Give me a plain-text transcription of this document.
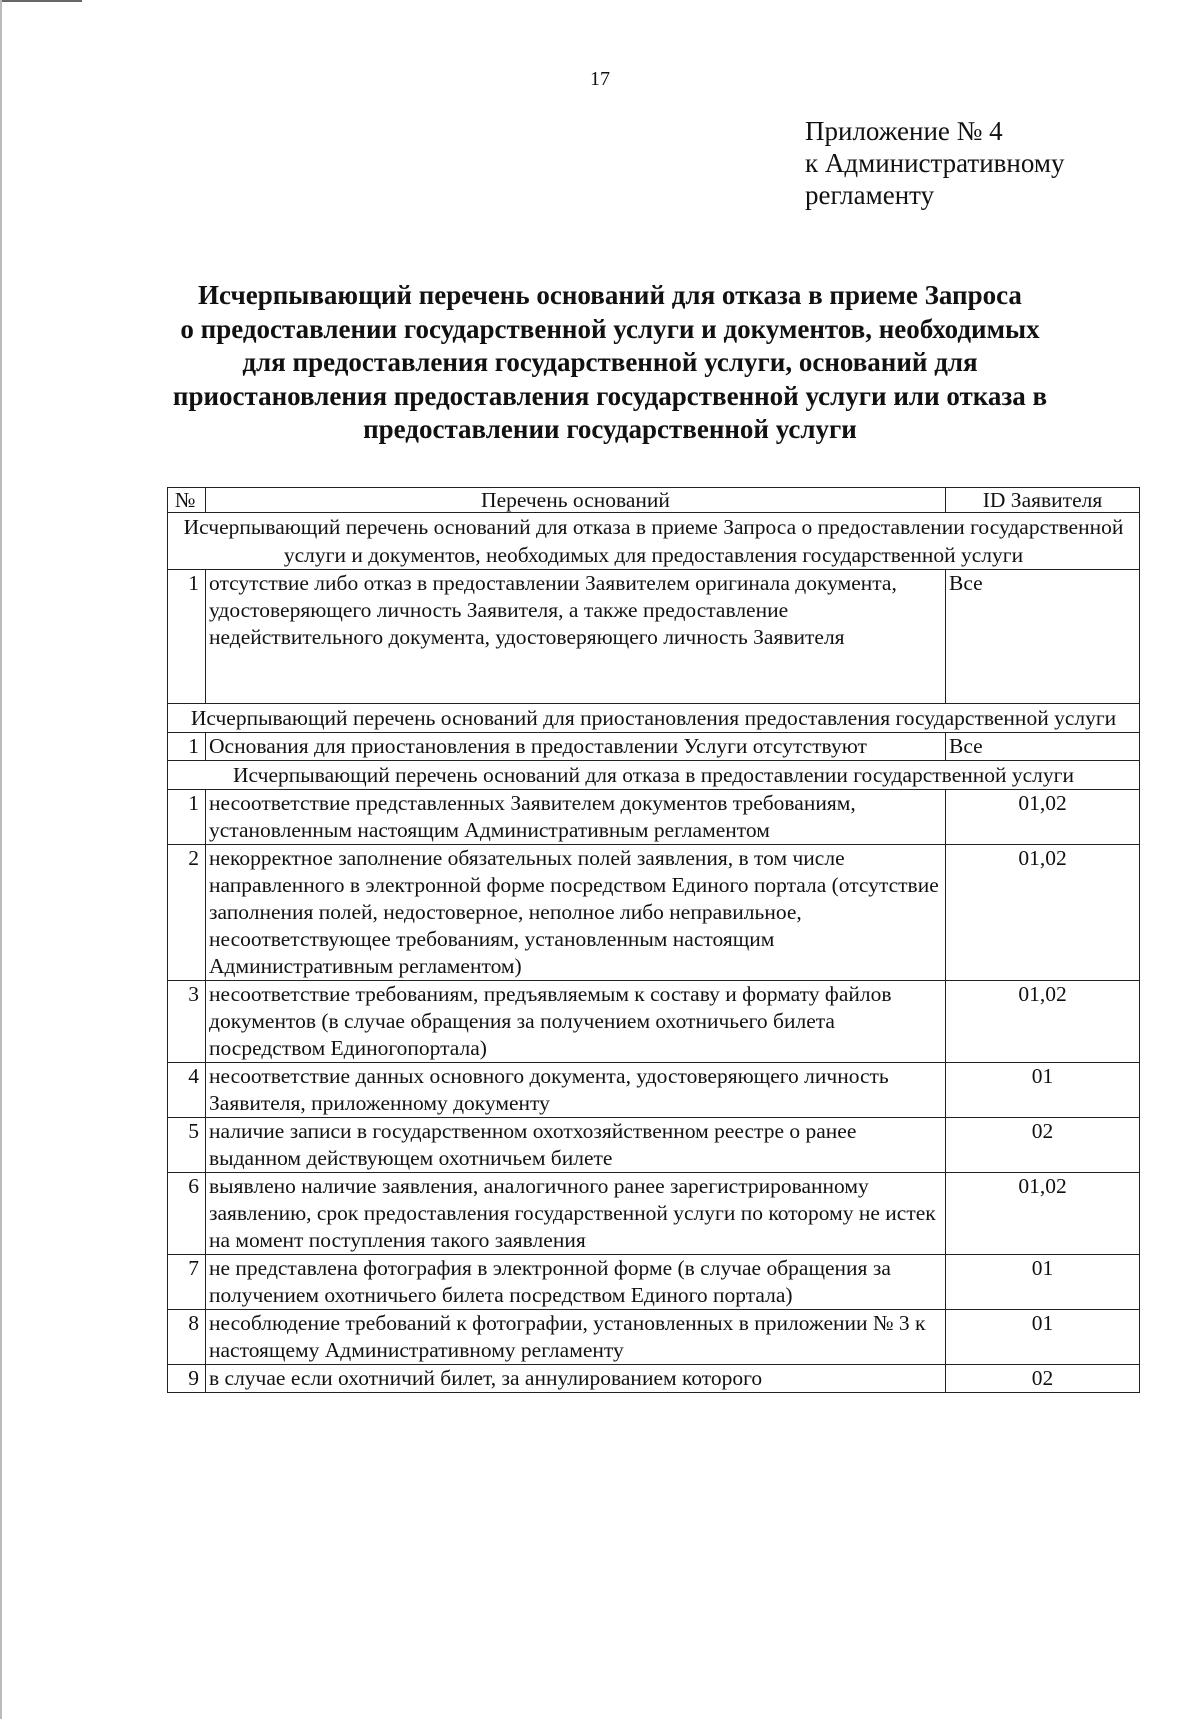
17
Приложение № 4
к Административному
регламенту
Исчерпывающий перечень оснований для отказа в приеме Запроса
о предоставлении государственной услуги и документов, необходимых
для предоставления государственной услуги, оснований для
приостановления предоставления государственной услуги или отказа в
предоставлении государственной услуги
№	Перечень оснований	ID Заявителя
Исчерпывающий перечень оснований для отказа в приеме Запроса о предоставлении государственной услуги и документов, необходимых для предоставления государственной услуги		
1	отсутствие либо отказ в предоставлении Заявителем оригинала документа, удостоверяющего личность Заявителя, а также предоставление недействительного документа, удостоверяющего личность Заявителя	Все
Исчерпывающий перечень оснований для приостановления предоставления государственной услуги		
1	Основания для приостановления в предоставлении Услуги отсутствуют	Все
Исчерпывающий перечень оснований для отказа в предоставлении государственной услуги		
1	несоответствие представленных Заявителем документов требованиям, установленным настоящим Административным регламентом	01,02
2	некорректное заполнение обязательных полей заявления, в том числе направленного в электронной форме посредством Единого портала (отсутствие заполнения полей, недостоверное, неполное либо неправильное, несоответствующее требованиям, установленным настоящим Административным регламентом)	01,02
3	несоответствие требованиям, предъявляемым к составу и формату файлов документов (в случае обращения за получением охотничьего билета посредством Единогопортала)	01,02
4	несоответствие данных основного документа, удостоверяющего личность Заявителя, приложенному документу	01
5	наличие записи в государственном охотхозяйственном реестре о ранее выданном действующем охотничьем билете	02
6	выявлено наличие заявления, аналогичного ранее зарегистрированному заявлению, срок предоставления государственной услуги по которому не истек на момент поступления такого заявления	01,02
7	не представлена фотография в электронной форме (в случае обращения за получением охотничьего билета посредством Единого портала)	01
8	несоблюдение требований к фотографии, установленных в приложении № 3 к настоящему Административному регламенту	01
9	в случае если охотничий билет, за аннулированием которого	02
